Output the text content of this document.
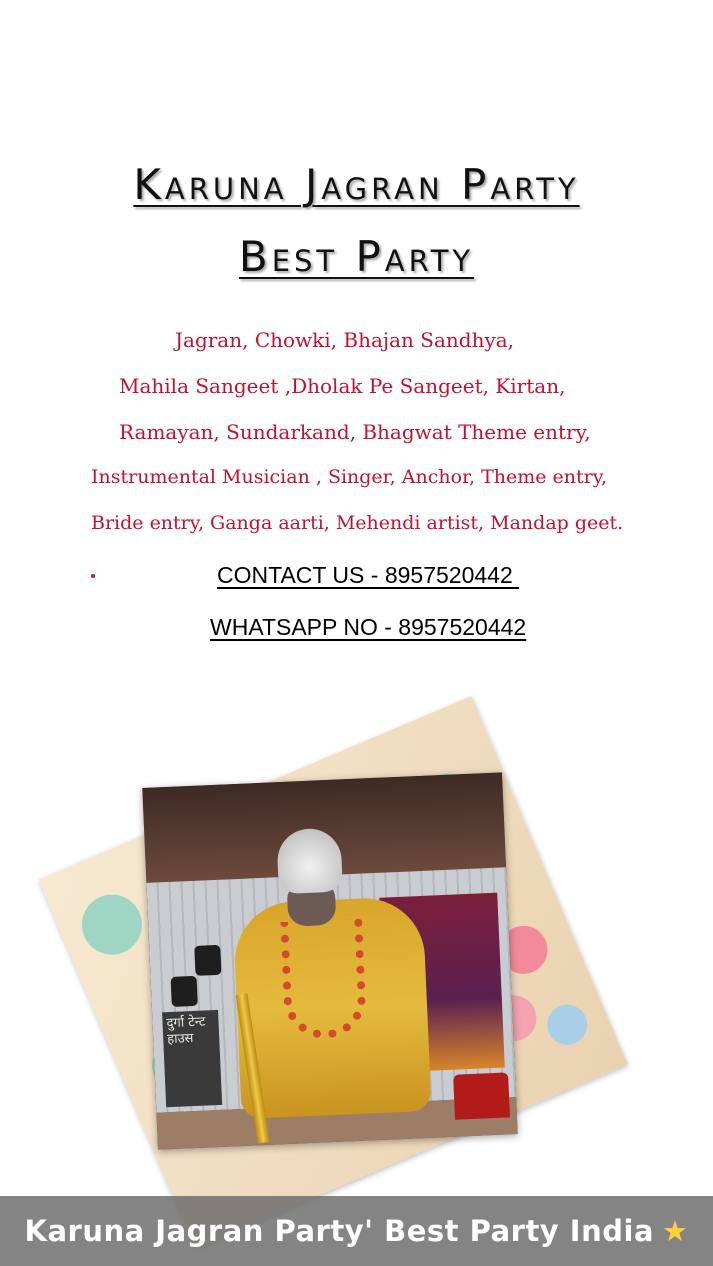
Karuna Jagran Party
Best Party
Jagran, Chowki, Bhajan Sandhya,
Mahila Sangeet ,Dholak Pe Sangeet, Kirtan,
Ramayan, Sundarkand, Bhagwat Theme entry,
Instrumental Musician , Singer, Anchor, Theme entry,
Bride entry, Ganga aarti, Mehendi artist, Mandap geet.
CONTACT US - 8957520442
WHATSAPP NO - 8957520442
दुर्गा टेन्ट हाउस
Karuna Jagran Party' Best Party India ★
